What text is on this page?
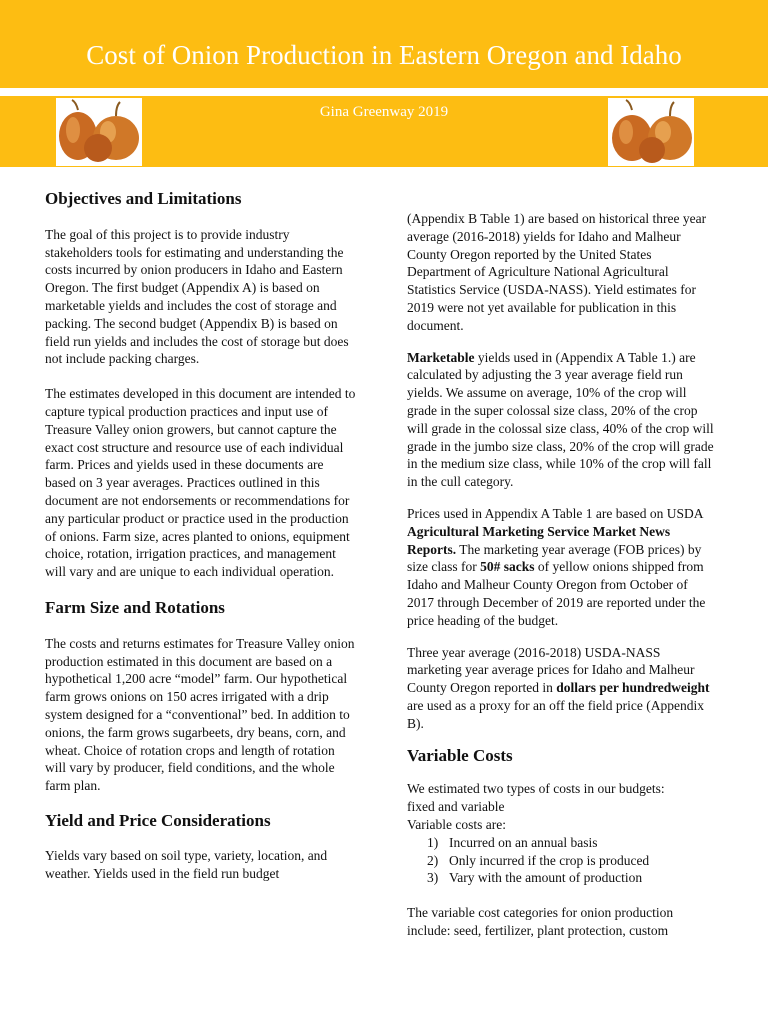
Cost of Onion Production in Eastern Oregon and Idaho
Gina Greenway 2019
Objectives and Limitations

The goal of this project is to provide industry stakeholders tools for estimating and understanding the costs incurred by onion producers in Idaho and Eastern Oregon. The first budget (Appendix A) is based on marketable yields and includes the cost of storage and packing. The second budget (Appendix B) is based on field run yields and includes the cost of storage but does not include packing charges.

The estimates developed in this document are intended to capture typical production practices and input use of Treasure Valley onion growers, but cannot capture the exact cost structure and resource use of each individual farm. Prices and yields used in these documents are based on 3 year averages. Practices outlined in this document are not endorsements or recommendations for any particular product or practice used in the production of onions. Farm size, acres planted to onions, equipment choice, rotation, irrigation practices, and management will vary and are unique to each individual operation.

Farm Size and Rotations

The costs and returns estimates for Treasure Valley onion production estimated in this document are based on a hypothetical 1,200 acre “model” farm. Our hypothetical farm grows onions on 150 acres irrigated with a drip system designed for a “conventional” bed. In addition to onions, the farm grows sugarbeets, dry beans, corn, and wheat. Choice of rotation crops and length of rotation will vary by producer, field conditions, and the whole farm plan.

Yield and Price Considerations

Yields vary based on soil type, variety, location, and weather. Yields used in the field run budget

(Appendix B Table 1) are based on historical three year average (2016-2018) yields for Idaho and Malheur County Oregon reported by the United States Department of Agriculture National Agricultural Statistics Service (USDA-NASS). Yield estimates for 2019 were not yet available for publication in this document.

Marketable yields used in (Appendix A Table 1.) are calculated by adjusting the 3 year average field run yields. We assume on average, 10% of the crop will grade in the super colossal size class, 20% of the crop will grade in the colossal size class, 40% of the crop will grade in the jumbo size class, 20% of the crop will grade in the medium size class, while 10% of the crop will fall in the cull category.

Prices used in Appendix A Table 1 are based on USDA Agricultural Marketing Service Market News Reports. The marketing year average (FOB prices) by size class for 50# sacks of yellow onions shipped from Idaho and Malheur County Oregon from October of 2017 through December of 2019 are reported under the price heading of the budget.

Three year average (2016-2018) USDA-NASS marketing year average prices for Idaho and Malheur County Oregon reported in dollars per hundredweight are used as a proxy for an off the field price (Appendix B).

Variable Costs

We estimated two types of costs in our budgets:

fixed and variable

Variable costs are:

1) Incurred on an annual basis
2) Only incurred if the crop is produced
3) Vary with the amount of production

The variable cost categories for onion production include: seed, fertilizer, plant protection, custom
